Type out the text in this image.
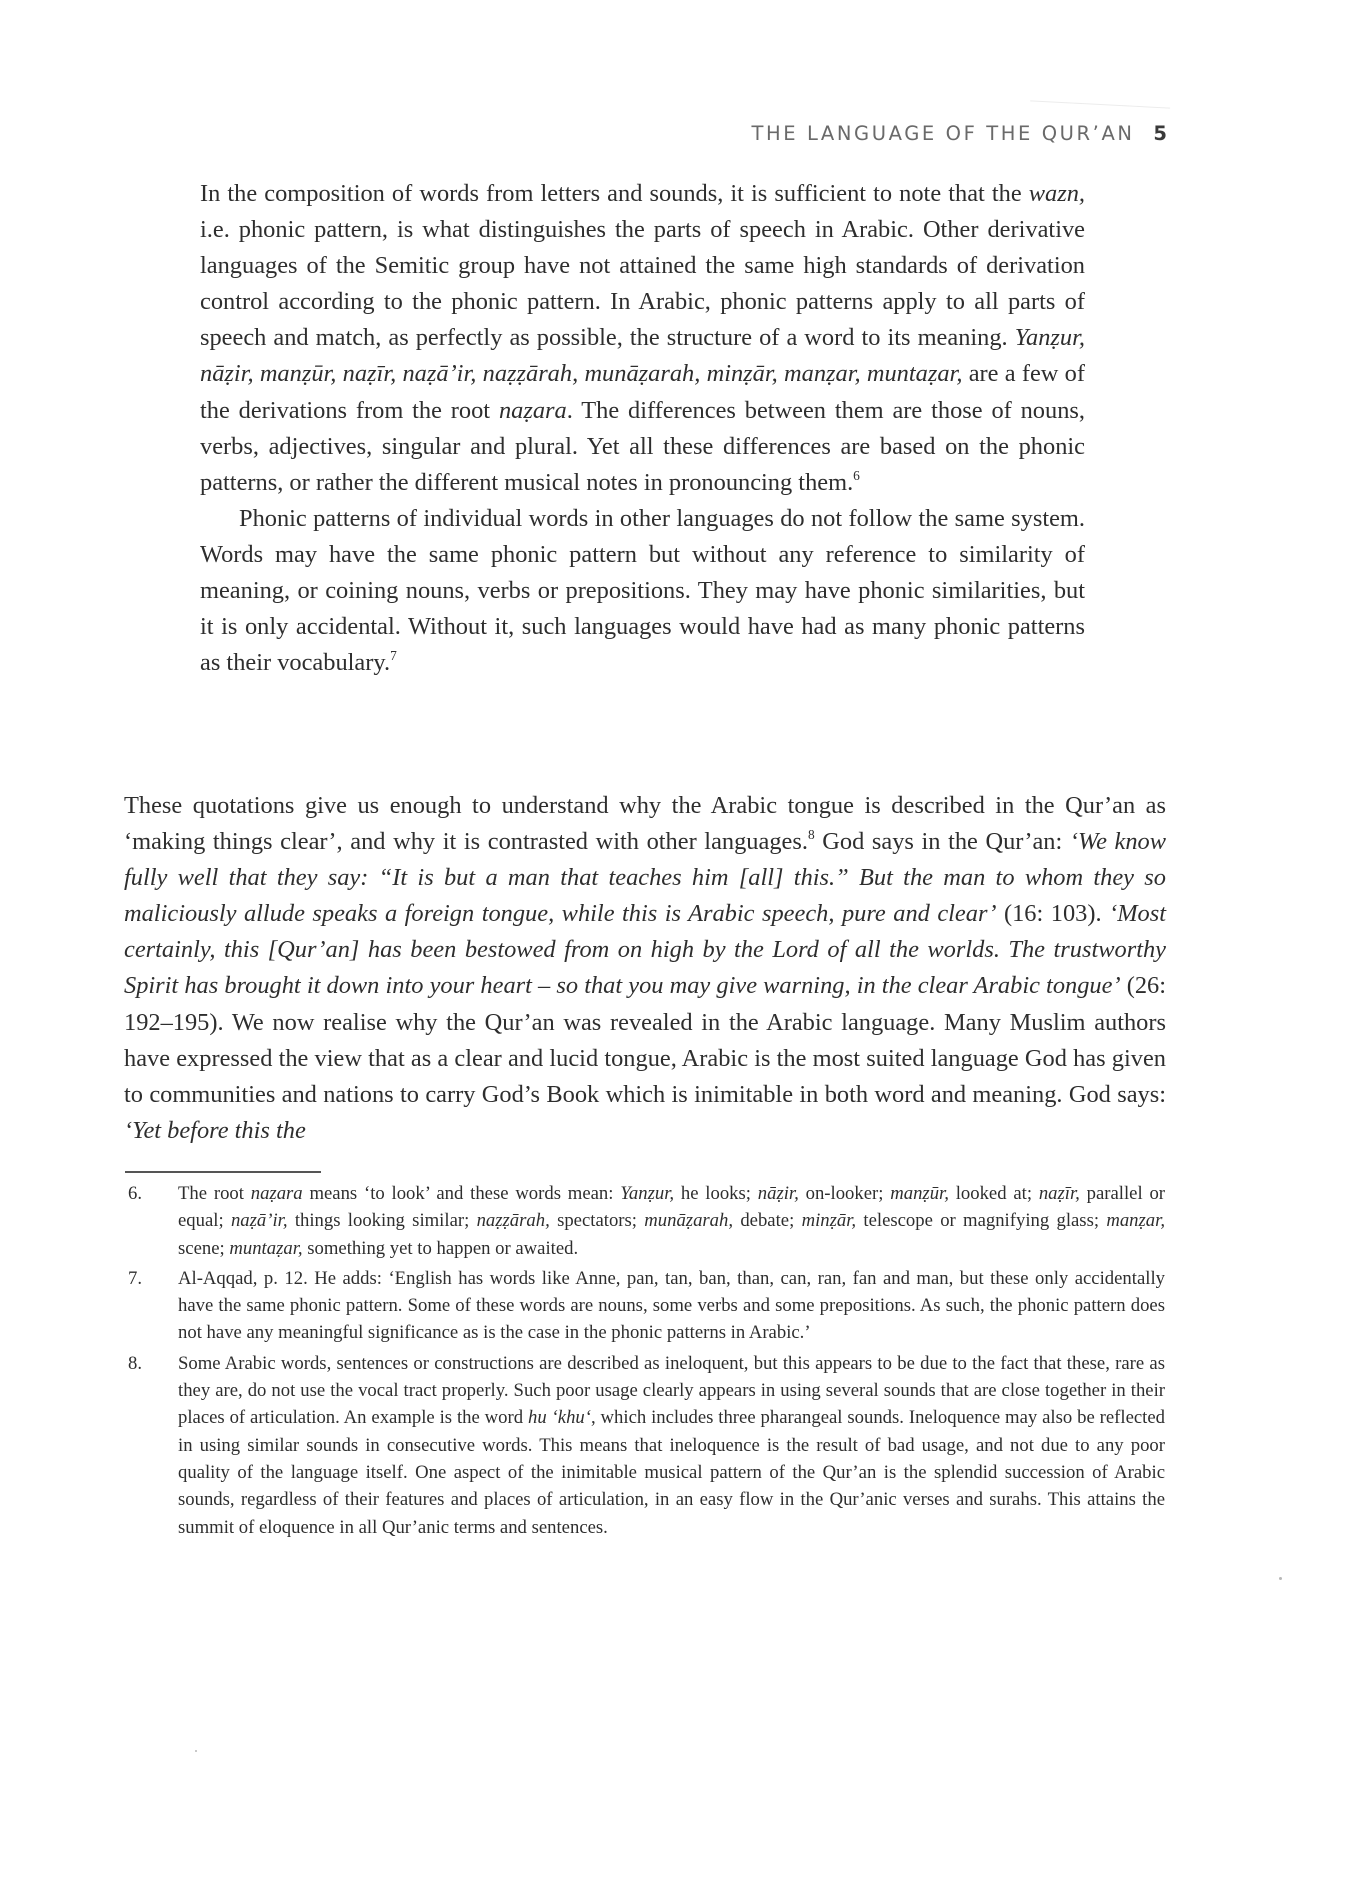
THE LANGUAGE OF THE QUR’AN 5

In the composition of words from letters and sounds, it is sufficient to note that the wazn, i.e. phonic pattern, is what distinguishes the parts of speech in Arabic. Other derivative languages of the Semitic group have not attained the same high standards of derivation control according to the phonic pattern. In Arabic, phonic patterns apply to all parts of speech and match, as perfectly as possible, the structure of a word to its meaning. Yanẓur, nāẓir, manẓūr, naẓīr, naẓā’ir, naẓẓārah, munāẓarah, minẓār, manẓar, muntaẓar, are a few of the derivations from the root naẓara. The differences between them are those of nouns, verbs, adjectives, singular and plural. Yet all these differences are based on the phonic patterns, or rather the different musical notes in pronouncing them.$^6$

Phonic patterns of individual words in other languages do not follow the same system. Words may have the same phonic pattern but without any reference to similarity of meaning, or coining nouns, verbs or prepositions. They may have phonic similarities, but it is only accidental. Without it, such languages would have had as many phonic patterns as their vocabulary.$^7$

These quotations give us enough to understand why the Arabic tongue is described in the Qur’an as ‘making things clear’, and why it is contrasted with other languages.$^8$ God says in the Qur’an: ‘We know fully well that they say: “It is but a man that teaches him [all] this.” But the man to whom they so maliciously allude speaks a foreign tongue, while this is Arabic speech, pure and clear’ (16: 103). ‘Most certainly, this [Qur’an] has been bestowed from on high by the Lord of all the worlds. The trustworthy Spirit has brought it down into your heart – so that you may give warning, in the clear Arabic tongue’ (26: 192–195). We now realise why the Qur’an was revealed in the Arabic language. Many Muslim authors have expressed the view that as a clear and lucid tongue, Arabic is the most suited language God has given to communities and nations to carry God’s Book which is inimitable in both word and meaning. God says: ‘Yet before this the

6.	The root naẓara means ‘to look’ and these words mean: Yanẓur, he looks; nāẓir, on-looker; manẓūr, looked at; naẓīr, parallel or equal; naẓā’ir, things looking similar; naẓẓārah, spectators; munāẓarah, debate; minẓār, telescope or magnifying glass; manẓar, scene; muntaẓar, something yet to happen or awaited.
7.	Al-Aqqad, p. 12. He adds: ‘English has words like Anne, pan, tan, ban, than, can, ran, fan and man, but these only accidentally have the same phonic pattern. Some of these words are nouns, some verbs and some prepositions. As such, the phonic pattern does not have any meaningful significance as is the case in the phonic patterns in Arabic.’
8.	Some Arabic words, sentences or constructions are described as ineloquent, but this appears to be due to the fact that these, rare as they are, do not use the vocal tract properly. Such poor usage clearly appears in using several sounds that are close together in their places of articulation. An example is the word hu ‘khu‘, which includes three pharangeal sounds. Ineloquence may also be reflected in using similar sounds in consecutive words. This means that ineloquence is the result of bad usage, and not due to any poor quality of the language itself. One aspect of the inimitable musical pattern of the Qur’an is the splendid succession of Arabic sounds, regardless of their features and places of articulation, in an easy flow in the Qur’anic verses and surahs. This attains the summit of eloquence in all Qur’anic terms and sentences.
